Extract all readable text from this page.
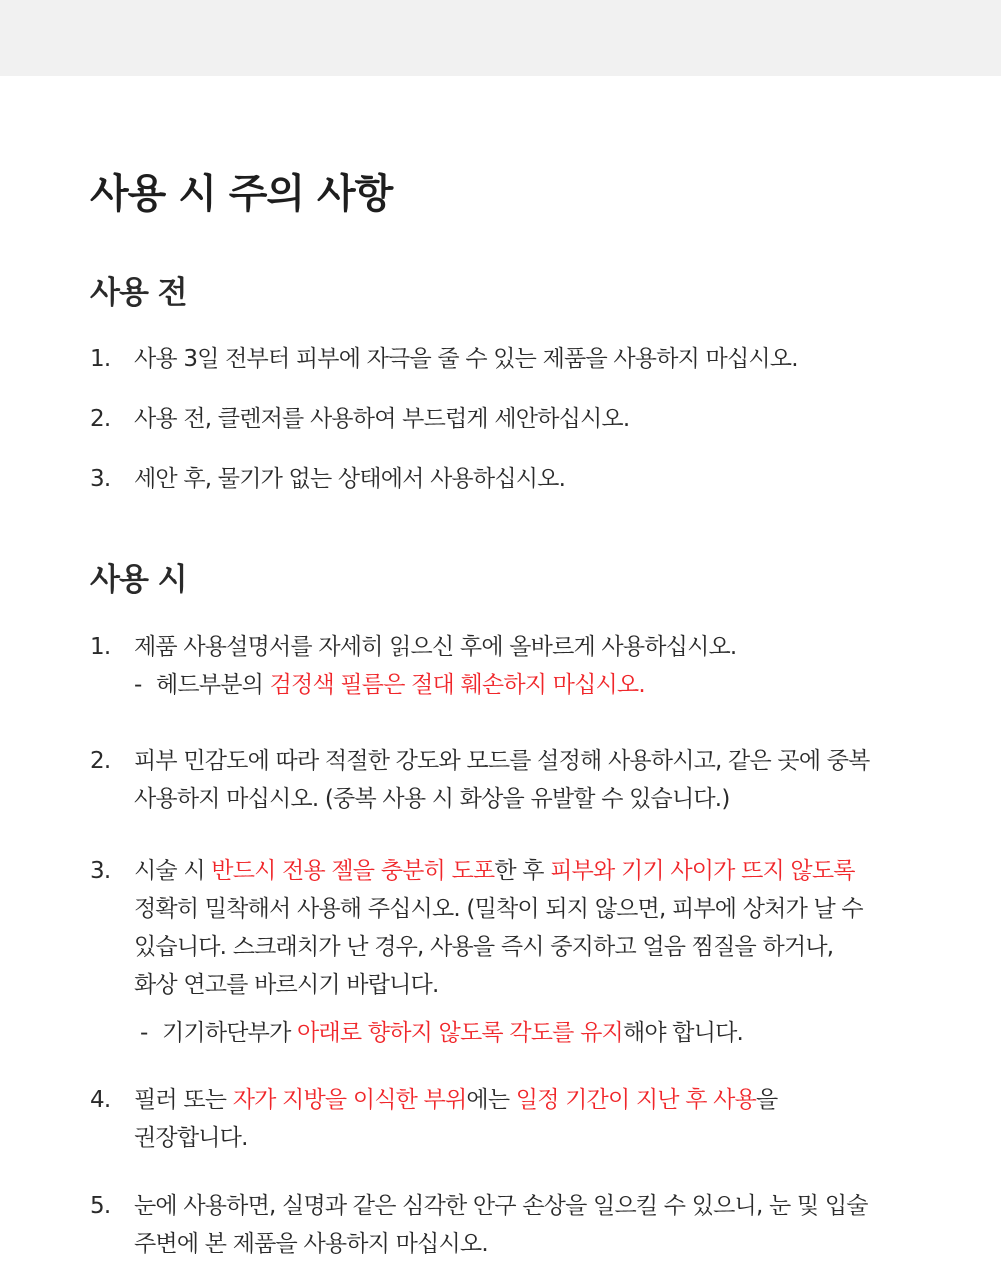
사용 시 주의 사항
사용 전
1.	사용 3일 전부터 피부에 자극을 줄 수 있는 제품을 사용하지 마십시오.
2.	사용 전, 클렌저를 사용하여 부드럽게 세안하십시오.
3.	세안 후, 물기가 없는 상태에서 사용하십시오.
사용 시
1.	제품 사용설명서를 자세히 읽으신 후에 올바르게 사용하십시오.
- 헤드부분의 검정색 필름은 절대 훼손하지 마십시오.
2.	피부 민감도에 따라 적절한 강도와 모드를 설정해 사용하시고, 같은 곳에 중복
사용하지 마십시오. (중복 사용 시 화상을 유발할 수 있습니다.)
3.	시술 시 반드시 전용 젤을 충분히 도포한 후 피부와 기기 사이가 뜨지 않도록
정확히 밀착해서 사용해 주십시오. (밀착이 되지 않으면, 피부에 상처가 날 수
있습니다. 스크래치가 난 경우, 사용을 즉시 중지하고 얼음 찜질을 하거나,
화상 연고를 바르시기 바랍니다.
- 기기하단부가 아래로 향하지 않도록 각도를 유지해야 합니다.
4.	필러 또는 자가 지방을 이식한 부위에는 일정 기간이 지난 후 사용을
권장합니다.
5.	눈에 사용하면, 실명과 같은 심각한 안구 손상을 일으킬 수 있으니, 눈 및 입술
주변에 본 제품을 사용하지 마십시오.
